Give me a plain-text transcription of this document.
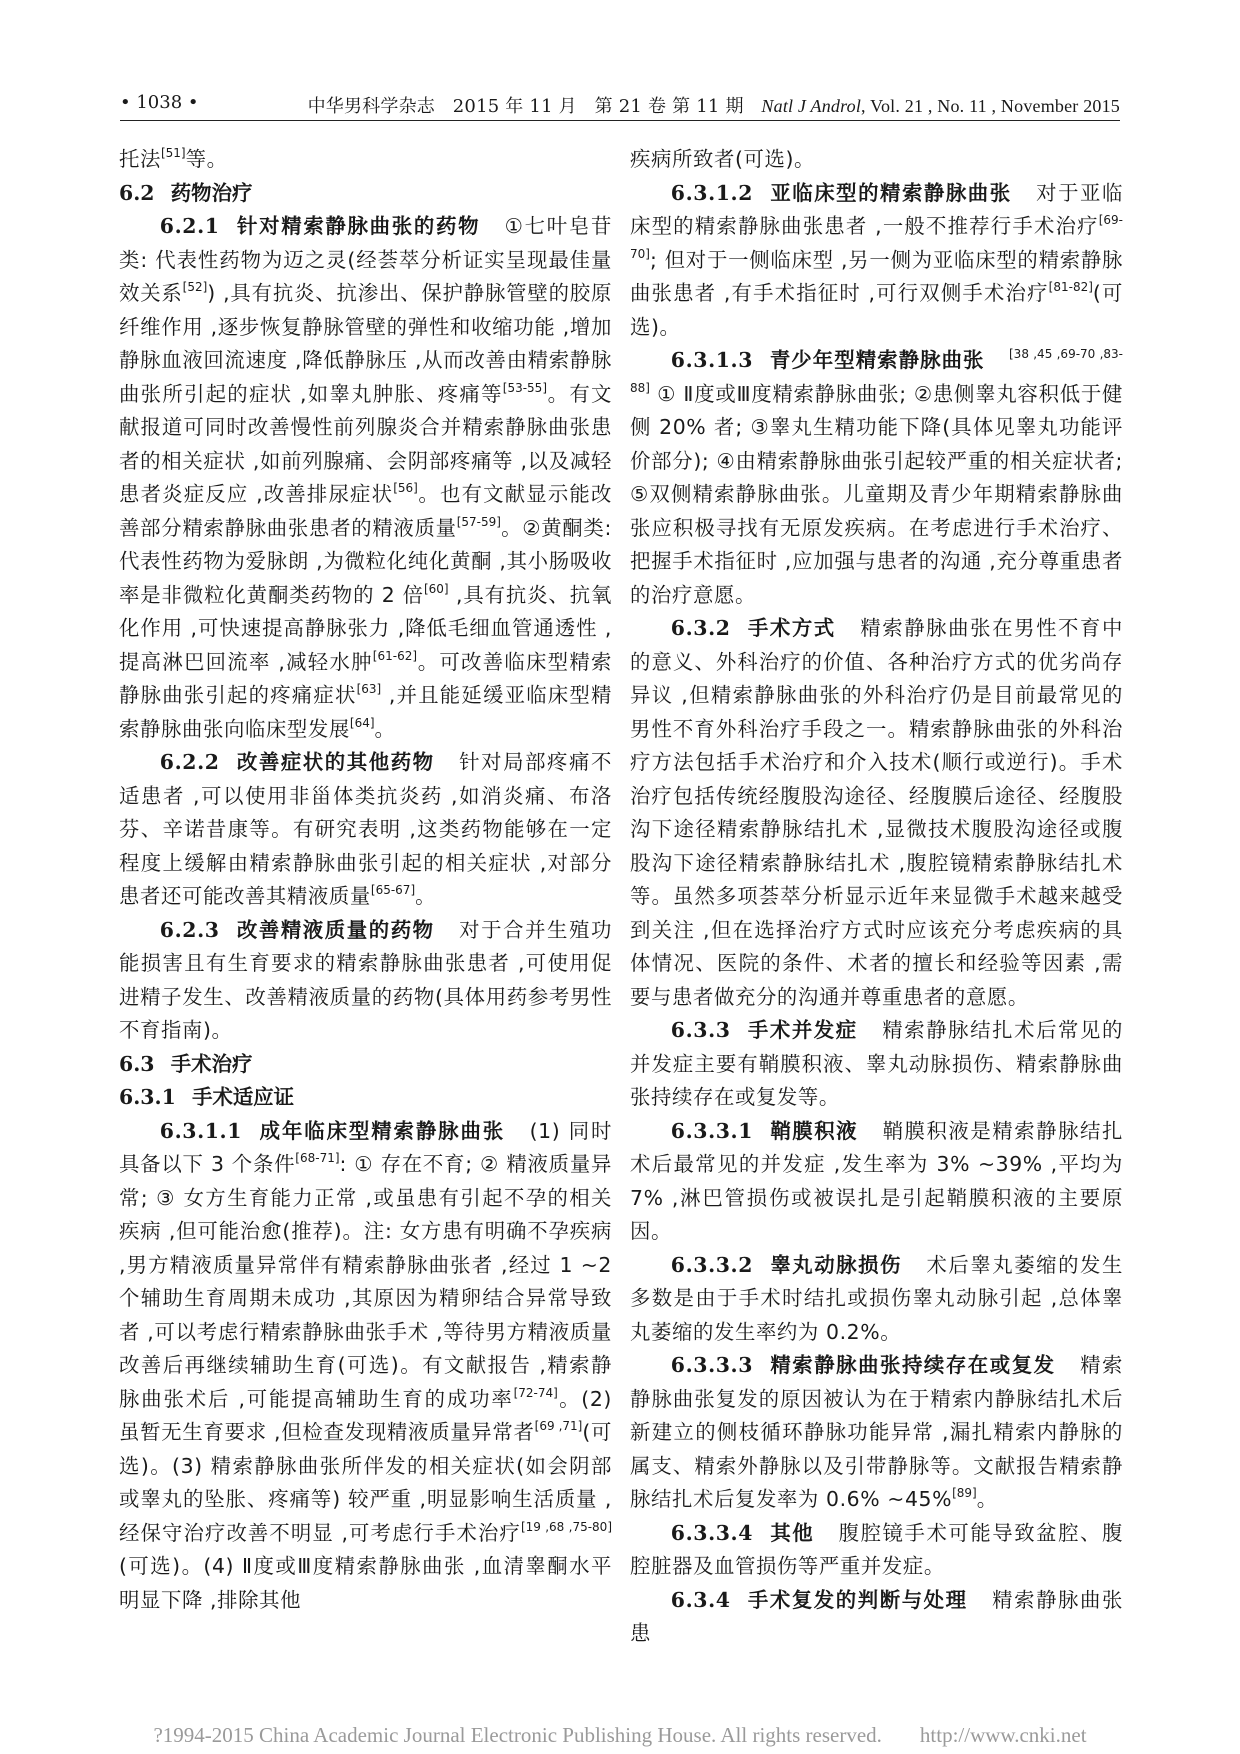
• 1038 •	中华男科学杂志 2015 年 11 月 第 21 卷 第 11 期 Natl J Androl, Vol. 21 , No. 11 , November 2015
托法[51]等。
6.2 药物治疗
6.2.1 针对精索静脉曲张的药物 ①七叶皂苷类: 代表性药物为迈之灵(经荟萃分析证实呈现最佳量效关系[52]) ,具有抗炎、抗渗出、保护静脉管壁的胶原纤维作用 ,逐步恢复静脉管壁的弹性和收缩功能 ,增加静脉血液回流速度 ,降低静脉压 ,从而改善由精索静脉曲张所引起的症状 ,如睾丸肿胀、疼痛等[53-55]。有文献报道可同时改善慢性前列腺炎合并精索静脉曲张患者的相关症状 ,如前列腺痛、会阴部疼痛等 ,以及减轻患者炎症反应 ,改善排尿症状[56]。也有文献显示能改善部分精索静脉曲张患者的精液质量[57-59]。②黄酮类: 代表性药物为爱脉朗 ,为微粒化纯化黄酮 ,其小肠吸收率是非微粒化黄酮类药物的 2 倍[60] ,具有抗炎、抗氧化作用 ,可快速提高静脉张力 ,降低毛细血管通透性 ,提高淋巴回流率 ,减轻水肿[61-62]。可改善临床型精索静脉曲张引起的疼痛症状[63] ,并且能延缓亚临床型精索静脉曲张向临床型发展[64]。
6.2.2 改善症状的其他药物 针对局部疼痛不适患者 ,可以使用非甾体类抗炎药 ,如消炎痛、布洛芬、辛诺昔康等。有研究表明 ,这类药物能够在一定程度上缓解由精索静脉曲张引起的相关症状 ,对部分患者还可能改善其精液质量[65-67]。
6.2.3 改善精液质量的药物 对于合并生殖功能损害且有生育要求的精索静脉曲张患者 ,可使用促进精子发生、改善精液质量的药物(具体用药参考男性不育指南)。
6.3 手术治疗
6.3.1 手术适应证
6.3.1.1 成年临床型精索静脉曲张 (1) 同时具备以下 3 个条件[68-71]: ① 存在不育; ② 精液质量异常; ③ 女方生育能力正常 ,或虽患有引起不孕的相关疾病 ,但可能治愈(推荐)。注: 女方患有明确不孕疾病 ,男方精液质量异常伴有精索静脉曲张者 ,经过 1 ~2 个辅助生育周期未成功 ,其原因为精卵结合异常导致者 ,可以考虑行精索静脉曲张手术 ,等待男方精液质量改善后再继续辅助生育(可选)。有文献报告 ,精索静脉曲张术后 ,可能提高辅助生育的成功率[72-74]。(2) 虽暂无生育要求 ,但检查发现精液质量异常者[69 ,71](可选)。(3) 精索静脉曲张所伴发的相关症状(如会阴部或睾丸的坠胀、疼痛等) 较严重 ,明显影响生活质量 ,经保守治疗改善不明显 ,可考虑行手术治疗[19 ,68 ,75-80](可选)。(4) Ⅱ度或Ⅲ度精索静脉曲张 ,血清睾酮水平明显下降 ,排除其他
疾病所致者(可选)。
6.3.1.2 亚临床型的精索静脉曲张 对于亚临床型的精索静脉曲张患者 ,一般不推荐行手术治疗[69-70]; 但对于一侧临床型 ,另一侧为亚临床型的精索静脉曲张患者 ,有手术指征时 ,可行双侧手术治疗[81-82](可选)。
6.3.1.3 青少年型精索静脉曲张 [38 ,45 ,69-70 ,83-88] ① Ⅱ度或Ⅲ度精索静脉曲张; ②患侧睾丸容积低于健侧 20% 者; ③睾丸生精功能下降(具体见睾丸功能评价部分); ④由精索静脉曲张引起较严重的相关症状者; ⑤双侧精索静脉曲张。儿童期及青少年期精索静脉曲张应积极寻找有无原发疾病。在考虑进行手术治疗、把握手术指征时 ,应加强与患者的沟通 ,充分尊重患者的治疗意愿。
6.3.2 手术方式 精索静脉曲张在男性不育中的意义、外科治疗的价值、各种治疗方式的优劣尚存异议 ,但精索静脉曲张的外科治疗仍是目前最常见的男性不育外科治疗手段之一。精索静脉曲张的外科治疗方法包括手术治疗和介入技术(顺行或逆行)。手术治疗包括传统经腹股沟途径、经腹膜后途径、经腹股沟下途径精索静脉结扎术 ,显微技术腹股沟途径或腹股沟下途径精索静脉结扎术 ,腹腔镜精索静脉结扎术等。虽然多项荟萃分析显示近年来显微手术越来越受到关注 ,但在选择治疗方式时应该充分考虑疾病的具体情况、医院的条件、术者的擅长和经验等因素 ,需要与患者做充分的沟通并尊重患者的意愿。
6.3.3 手术并发症 精索静脉结扎术后常见的并发症主要有鞘膜积液、睾丸动脉损伤、精索静脉曲张持续存在或复发等。
6.3.3.1 鞘膜积液 鞘膜积液是精索静脉结扎术后最常见的并发症 ,发生率为 3% ~39% ,平均为 7% ,淋巴管损伤或被误扎是引起鞘膜积液的主要原因。
6.3.3.2 睾丸动脉损伤 术后睾丸萎缩的发生多数是由于手术时结扎或损伤睾丸动脉引起 ,总体睾丸萎缩的发生率约为 0.2%。
6.3.3.3 精索静脉曲张持续存在或复发 精索静脉曲张复发的原因被认为在于精索内静脉结扎术后新建立的侧枝循环静脉功能异常 ,漏扎精索内静脉的属支、精索外静脉以及引带静脉等。文献报告精索静脉结扎术后复发率为 0.6% ~45%[89]。
6.3.3.4 其他 腹腔镜手术可能导致盆腔、腹腔脏器及血管损伤等严重并发症。
6.3.4 手术复发的判断与处理 精索静脉曲张患
?1994-2015 China Academic Journal Electronic Publishing House. All rights reserved. http://www.cnki.net
